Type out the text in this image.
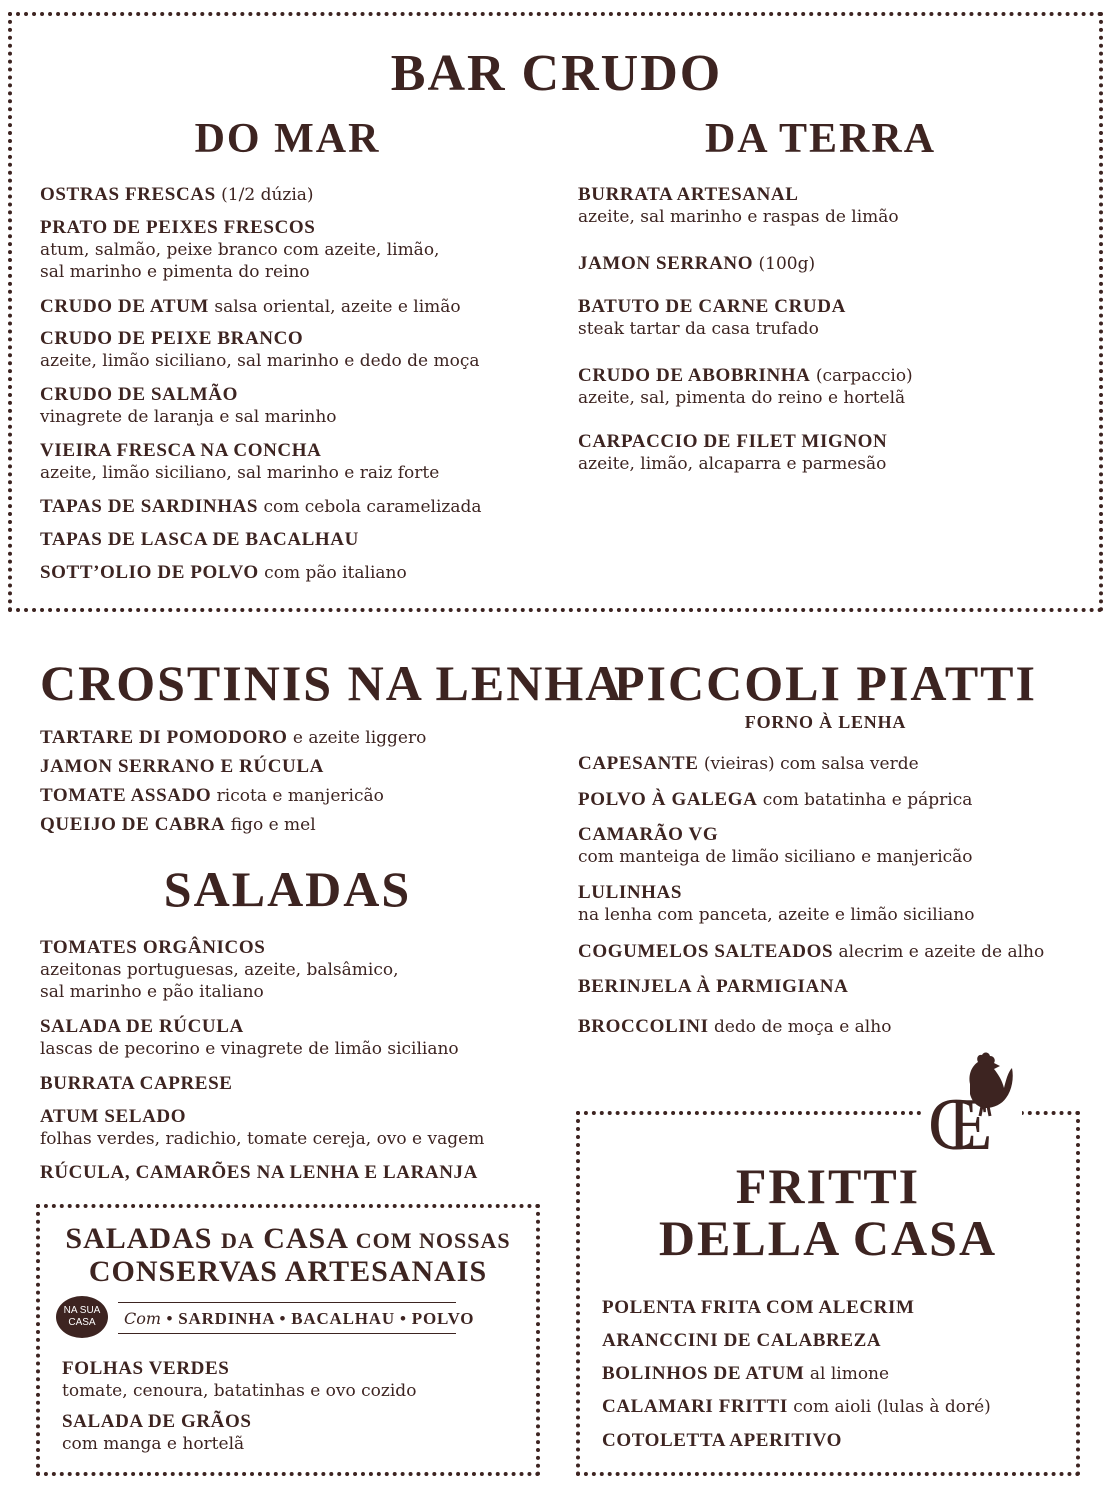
BAR CRUDO
DO MAR	DA TERRA
OSTRAS FRESCAS (1/2 dúzia)
PRATO DE PEIXES FRESCOS
atum, salmão, peixe branco com azeite, limão,
sal marinho e pimenta do reino
CRUDO DE ATUM salsa oriental, azeite e limão
CRUDO DE PEIXE BRANCO
azeite, limão siciliano, sal marinho e dedo de moça
CRUDO DE SALMÃO
vinagrete de laranja e sal marinho
VIEIRA FRESCA NA CONCHA
azeite, limão siciliano, sal marinho e raiz forte
TAPAS DE SARDINHAS com cebola caramelizada
TAPAS DE LASCA DE BACALHAU
SOTT’OLIO DE POLVO com pão italiano
BURRATA ARTESANAL
azeite, sal marinho e raspas de limão
JAMON SERRANO (100g)
BATUTO DE CARNE CRUDA
steak tartar da casa trufado
CRUDO DE ABOBRINHA (carpaccio)
azeite, sal, pimenta do reino e hortelã
CARPACCIO DE FILET MIGNON
azeite, limão, alcaparra e parmesão
CROSTINIS NA LENHA
TARTARE DI POMODORO e azeite liggero
JAMON SERRANO E RÚCULA
TOMATE ASSADO ricota e manjericão
QUEIJO DE CABRA figo e mel
SALADAS
TOMATES ORGÂNICOS
azeitonas portuguesas, azeite, balsâmico,
sal marinho e pão italiano
SALADA DE RÚCULA
lascas de pecorino e vinagrete de limão siciliano
BURRATA CAPRESE
ATUM SELADO
folhas verdes, radichio, tomate cereja, ovo e vagem
RÚCULA, CAMARÕES NA LENHA E LARANJA
SALADAS DA CASA COM NOSSAS
CONSERVAS ARTESANAIS
NA SUA
CASA Com • SARDINHA • BACALHAU • POLVO
FOLHAS VERDES
tomate, cenoura, batatinhas e ovo cozido
SALADA DE GRÃOS
com manga e hortelã
PICCOLI PIATTI
FORNO À LENHA
CAPESANTE (vieiras) com salsa verde
POLVO À GALEGA com batatinha e páprica
CAMARÃO VG
com manteiga de limão siciliano e manjericão
LULINHAS
na lenha com panceta, azeite e limão siciliano
COGUMELOS SALTEADOS alecrim e azeite de alho
BERINJELA À PARMIGIANA
BROCCOLINI dedo de moça e alho
CE
FRITTI
DELLA CASA
POLENTA FRITA COM ALECRIM
ARANCCINI DE CALABREZA
BOLINHOS DE ATUM al limone
CALAMARI FRITTI com aioli (lulas à doré)
COTOLETTA APERITIVO
